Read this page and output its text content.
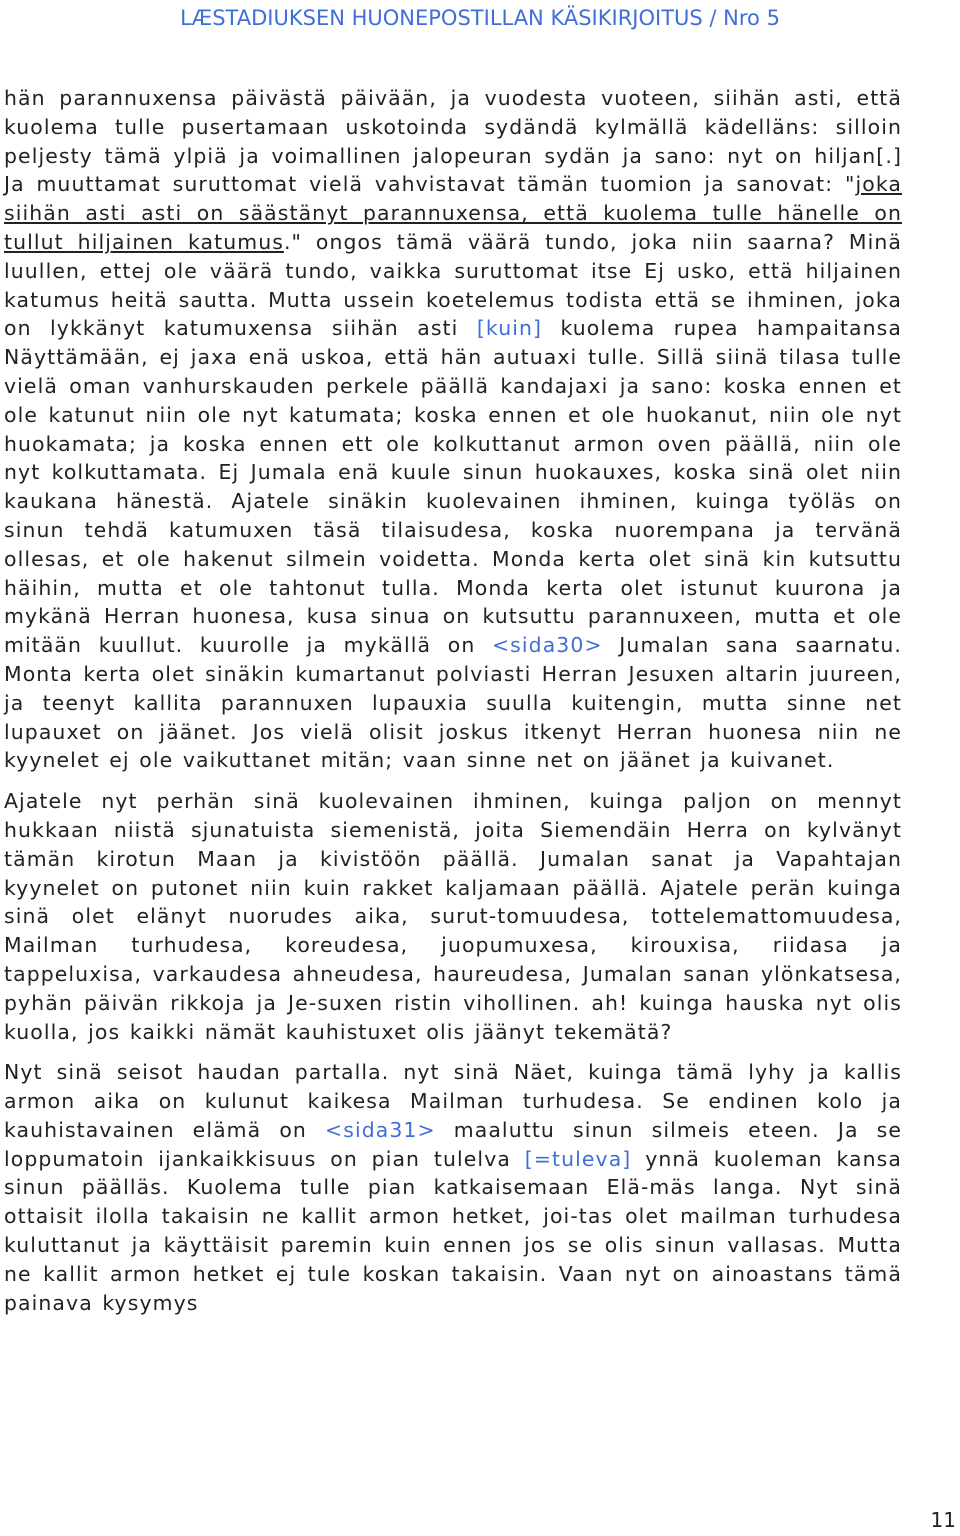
LÆSTADIUKSEN HUONEPOSTILLAN KÄSIKIRJOITUS / Nro 5

hän parannuxensa päivästä päivään, ja vuodesta vuoteen, siihän asti, että kuolema tulle pusertamaan uskotoinda sydändä kylmällä kädelläns: silloin peljesty tämä ylpiä ja voimallinen jalopeuran sydän ja sano: nyt on hiljan[.] Ja muuttamat suruttomat vielä vahvistavat tämän tuomion ja sanovat: "joka siihän asti asti on säästänyt parannuxensa, että kuolema tulle hänelle on tullut hiljainen katumus." ongos tämä väärä tundo, joka niin saarna? Minä luullen, ettej ole väärä tundo, vaikka suruttomat itse Ej usko, että hiljainen katumus heitä sautta. Mutta ussein koetelemus todista että se ihminen, joka on lykkänyt katumuxensa siihän asti [kuin] kuolema rupea hampaitansa Näyttämään, ej jaxa enä uskoa, että hän autuaxi tulle. Sillä siinä tilasa tulle vielä oman vanhurskauden perkele päällä kandajaxi ja sano: koska ennen et ole katunut niin ole nyt katumata; koska ennen et ole huokanut, niin ole nyt huokamata; ja koska ennen ett ole kolkuttanut armon oven päällä, niin ole nyt kolkuttamata. Ej Jumala enä kuule sinun huokauxes, koska sinä olet niin kaukana hänestä. Ajatele sinäkin kuolevainen ihminen, kuinga työläs on sinun tehdä katumuxen täsä tilaisudesa, koska nuorempana ja tervänä ollesas, et ole hakenut silmein voidetta. Monda kerta olet sinä kin kutsuttu häihin, mutta et ole tahtonut tulla. Monda kerta olet istunut kuurona ja mykänä Herran huonesa, kusa sinua on kutsuttu parannuxeen, mutta et ole mitään kuullut. kuurolle ja mykällä on <sida30> Jumalan sana saarnatu. Monta kerta olet sinäkin kumartanut polviasti Herran Jesuxen altarin juureen, ja teenyt kallita parannuxen lupauxia suulla kuitengin, mutta sinne net lupauxet on jäänet. Jos vielä olisit joskus itkenyt Herran huonesa niin ne kyynelet ej ole vaikuttanet mitän; vaan sinne net on jäänet ja kuivanet.

Ajatele nyt perhän sinä kuolevainen ihminen, kuinga paljon on mennyt hukkaan niistä sjunatuista siemenistä, joita Siemendäin Herra on kylvänyt tämän kirotun Maan ja kivistöön päällä. Jumalan sanat ja Vapahtajan kyynelet on putonet niin kuin rakket kaljamaan päällä. Ajatele perän kuinga sinä olet elänyt nuorudes aika, surut-tomuudesa, tottelemattomuudesa, Mailman turhudesa, koreudesa, juopumuxesa, kirouxisa, riidasa ja tappeluxisa, varkaudesa ahneudesa, haureudesa, Jumalan sanan ylönkatsesa, pyhän päivän rikkoja ja Je-suxen ristin vihollinen. ah! kuinga hauska nyt olis kuolla, jos kaikki nämät kauhistuxet olis jäänyt tekemätä?

Nyt sinä seisot haudan partalla. nyt sinä Näet, kuinga tämä lyhy ja kallis armon aika on kulunut kaikesa Mailman turhudesa. Se endinen kolo ja kauhistavainen elämä on <sida31> maaluttu sinun silmeis eteen. Ja se loppumatoin ijankaikkisuus on pian tulelva [=tuleva] ynnä kuoleman kansa sinun päälläs. Kuolema tulle pian katkaisemaan Elä-mäs langa. Nyt sinä ottaisit ilolla takaisin ne kallit armon hetket, joi-tas olet mailman turhudesa kuluttanut ja käyttäisit paremin kuin ennen jos se olis sinun vallasas. Mutta ne kallit armon hetket ej tule koskan takaisin. Vaan nyt on ainoastans tämä painava kysymys

11
